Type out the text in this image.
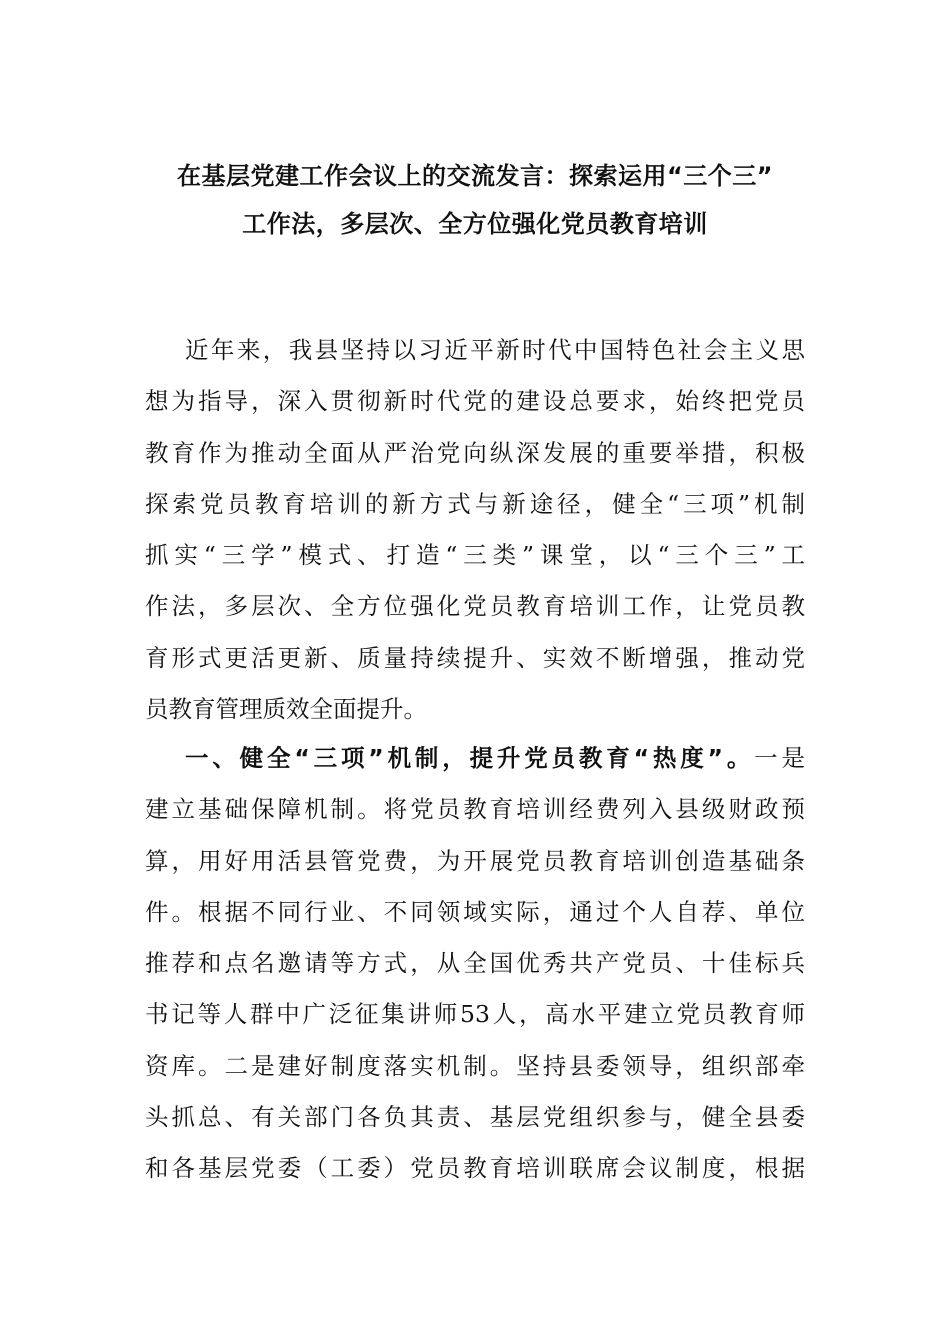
在基层党建工作会议上的交流发言：探索运用“三个三”
工作法，多层次、全方位强化党员教育培训
近年来，我县坚持以习近平新时代中国特色社会主义思
想为指导，深入贯彻新时代党的建设总要求，始终把党员
教育作为推动全面从严治党向纵深发展的重要举措，积极
探索党员教育培训的新方式与新途径，健全“三项”机制
抓实“三学”模式、打造“三类”课堂，以“三个三”工
作法，多层次、全方位强化党员教育培训工作，让党员教
育形式更活更新、质量持续提升、实效不断增强，推动党
员教育管理质效全面提升。
一、健全“三项”机制，提升党员教育“热度”。一是
建立基础保障机制。将党员教育培训经费列入县级财政预
算，用好用活县管党费，为开展党员教育培训创造基础条
件。根据不同行业、不同领域实际，通过个人自荐、单位
推荐和点名邀请等方式，从全国优秀共产党员、十佳标兵
书记等人群中广泛征集讲师53人，高水平建立党员教育师
资库。二是建好制度落实机制。坚持县委领导，组织部牵
头抓总、有关部门各负其责、基层党组织参与，健全县委
和各基层党委（工委）党员教育培训联席会议制度，根据
